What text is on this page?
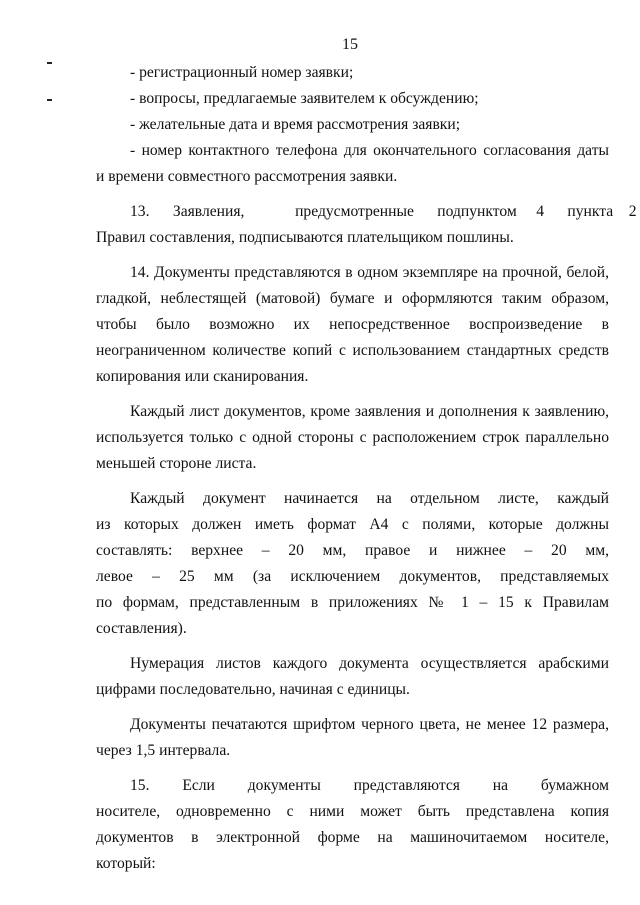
15

- регистрационный номер заявки;

- вопросы, предлагаемые заявителем к обсуждению;

- желательные дата и время рассмотрения заявки;

- номер контактного телефона для окончательного согласования даты
и времени совместного рассмотрения заявки.

13.      Заявления,             предусмотренные      подпунктом     4      пункта    2
Правил составления, подписываются плательщиком пошлины.

14. Документы представляются в одном экземпляре на прочной, белой, гладкой, неблестящей (матовой) бумаге и оформляются таким образом, чтобы было возможно их непосредственное воспроизведение в неограниченном количестве копий с использованием стандартных средств копирования или сканирования.

Каждый лист документов, кроме заявления и дополнения к заявлению, используется только с одной стороны с расположением строк параллельно меньшей стороне листа.

Каждый документ начинается на отдельном листе, каждый
из которых должен иметь формат А4 с полями, которые должны
составлять: верхнее – 20 мм, правое и нижнее – 20 мм,
левое – 25 мм (за исключением документов, представляемых
по формам, представленным в приложениях № 1 – 15 к Правилам
составления).

Нумерация листов каждого документа осуществляется арабскими цифрами последовательно, начиная с единицы.

Документы печатаются шрифтом черного цвета, не менее 12 размера, через 1,5 интервала.

15. Если документы представляются на бумажном
носителе, одновременно с ними может быть представлена копия
документов в электронной форме на машиночитаемом носителе,
который:
